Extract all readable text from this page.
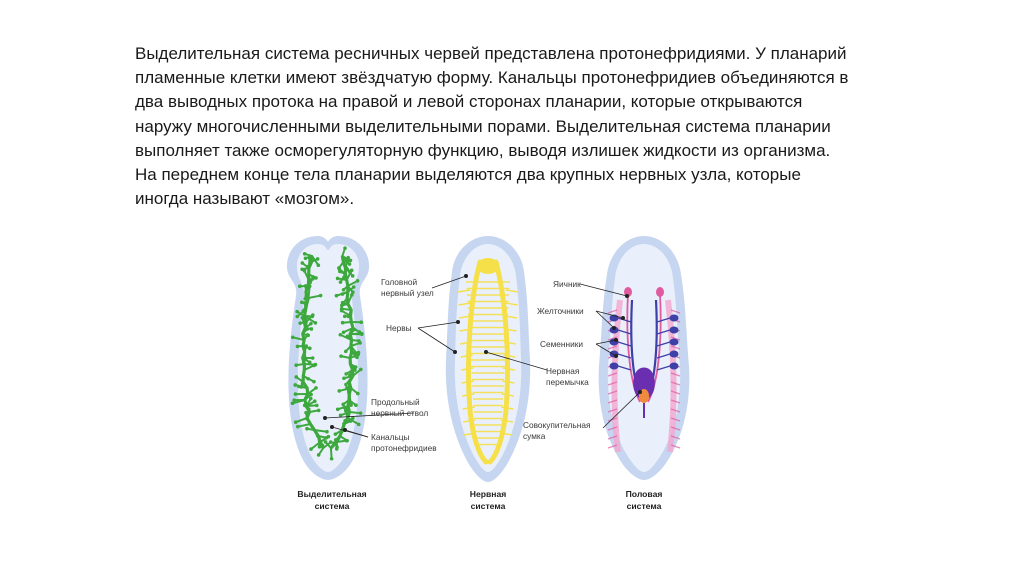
Выделительная система ресничных червей представлена протонефридиями. У планарий
пламенные клетки имеют звёздчатую форму. Канальцы протонефридиев объединяются в
два выводных протока на правой и левой сторонах планарии, которые открываются
наружу многочисленными выделительными порами. Выделительная система планарии
выполняет также осморегуляторную функцию, выводя излишек жидкости из организма.
На переднем конце тела планарии выделяются два крупных нервных узла, которые
иногда называют «мозгом».
Продольный нервный ствол
Канальцы протонефридиев
Головной нервный узел
Нервы
Нервная перемычка
Яичник
Желточники
Семенники
Совокупительная сумка
Выделительная система
Нервная система
Половая система
